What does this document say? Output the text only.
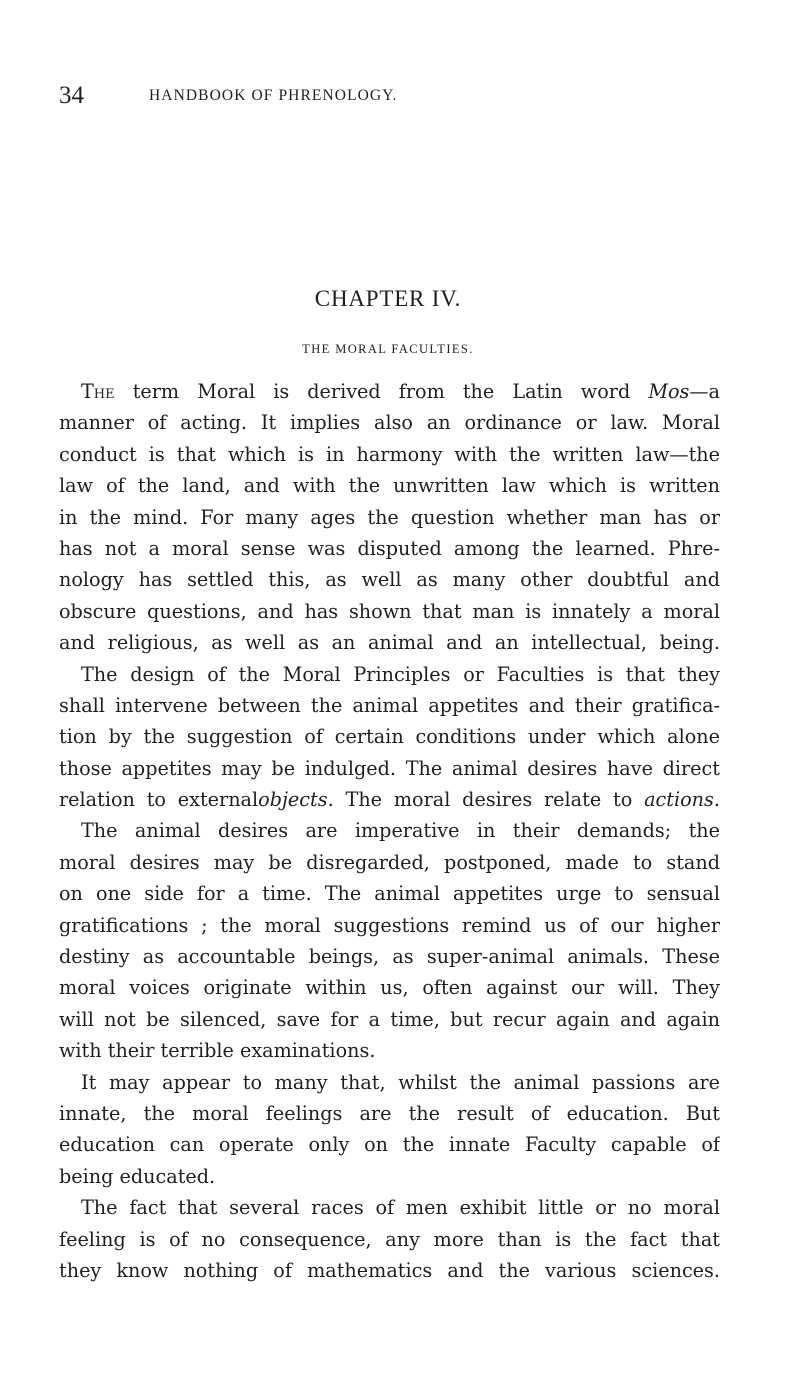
34	HANDBOOK OF PHRENOLOGY.
CHAPTER IV.
THE MORAL FACULTIES.
The term Moral is derived from the Latin word Mos—a
manner of acting. It implies also an ordinance or law. Moral
conduct is that which is in harmony with the written law—the
law of the land, and with the unwritten law which is written
in the mind. For many ages the question whether man has or
has not a moral sense was disputed among the learned. Phre-
nology has settled this, as well as many other doubtful and
obscure questions, and has shown that man is innately a moral
and religious, as well as an animal and an intellectual, being.
The design of the Moral Principles or Faculties is that they
shall intervene between the animal appetites and their gratifica-
tion by the suggestion of certain conditions under which alone
those appetites may be indulged. The animal desires have direct
relation to externalobjects. The moral desires relate to actions.
The animal desires are imperative in their demands; the
moral desires may be disregarded, postponed, made to stand
on one side for a time. The animal appetites urge to sensual
gratifications ; the moral suggestions remind us of our higher
destiny as accountable beings, as super-animal animals. These
moral voices originate within us, often against our will. They
will not be silenced, save for a time, but recur again and again
with their terrible examinations.
It may appear to many that, whilst the animal passions are
innate, the moral feelings are the result of education. But
education can operate only on the innate Faculty capable of
being educated.
The fact that several races of men exhibit little or no moral
feeling is of no consequence, any more than is the fact that
they know nothing of mathematics and the various sciences.
